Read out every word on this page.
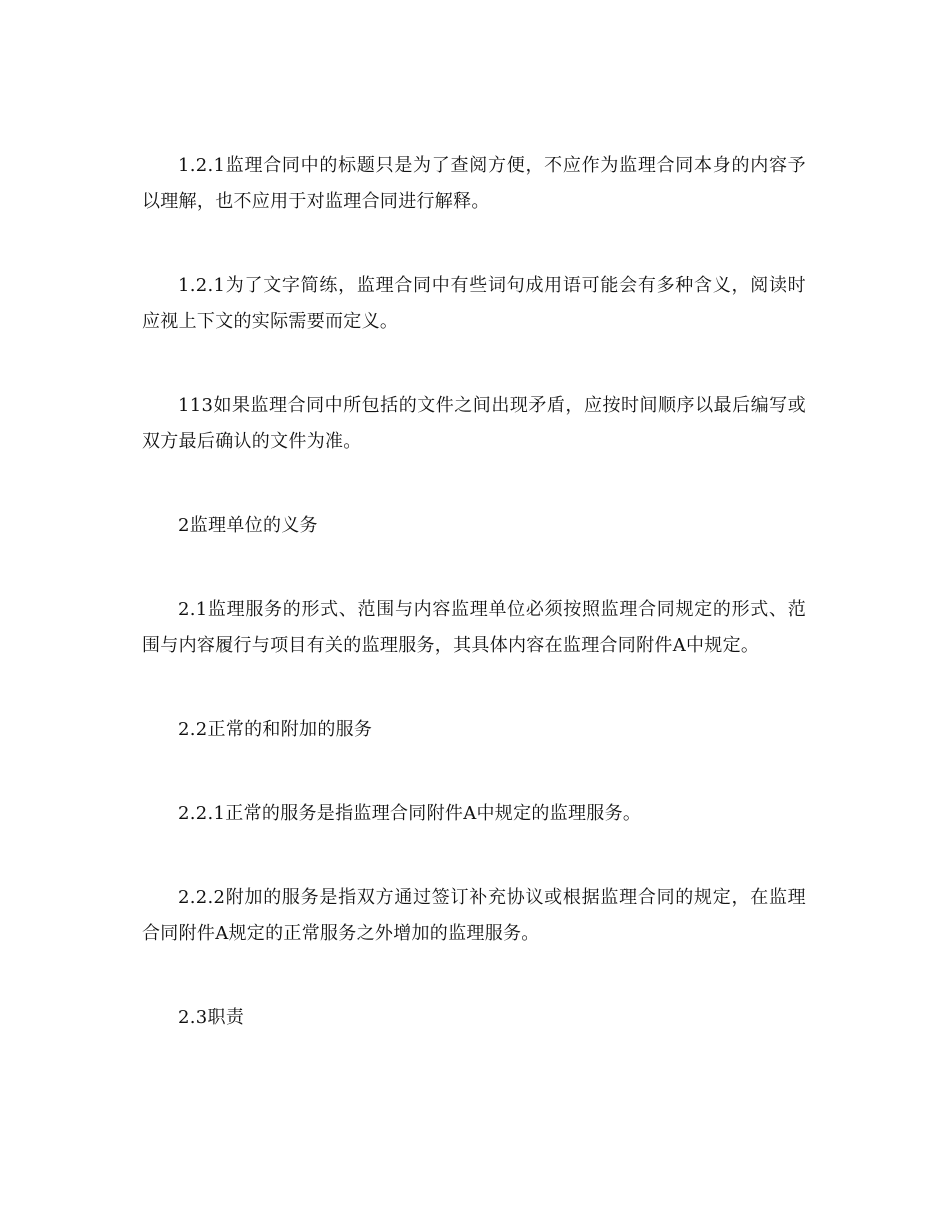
1.2.1监理合同中的标题只是为了查阅方便，不应作为监理合同本身的内容予以理解，也不应用于对监理合同进行解释。

1.2.1为了文字简练，监理合同中有些词句成用语可能会有多种含义，阅读时应视上下文的实际需要而定义。

113如果监理合同中所包括的文件之间出现矛盾，应按时间顺序以最后编写或双方最后确认的文件为准。

2监理单位的义务

2.1监理服务的形式、范围与内容监理单位必须按照监理合同规定的形式、范围与内容履行与项目有关的监理服务，其具体内容在监理合同附件A中规定。

2.2正常的和附加的服务

2.2.1正常的服务是指监理合同附件A中规定的监理服务。

2.2.2附加的服务是指双方通过签订补充协议或根据监理合同的规定，在监理合同附件A规定的正常服务之外增加的监理服务。

2.3职责
